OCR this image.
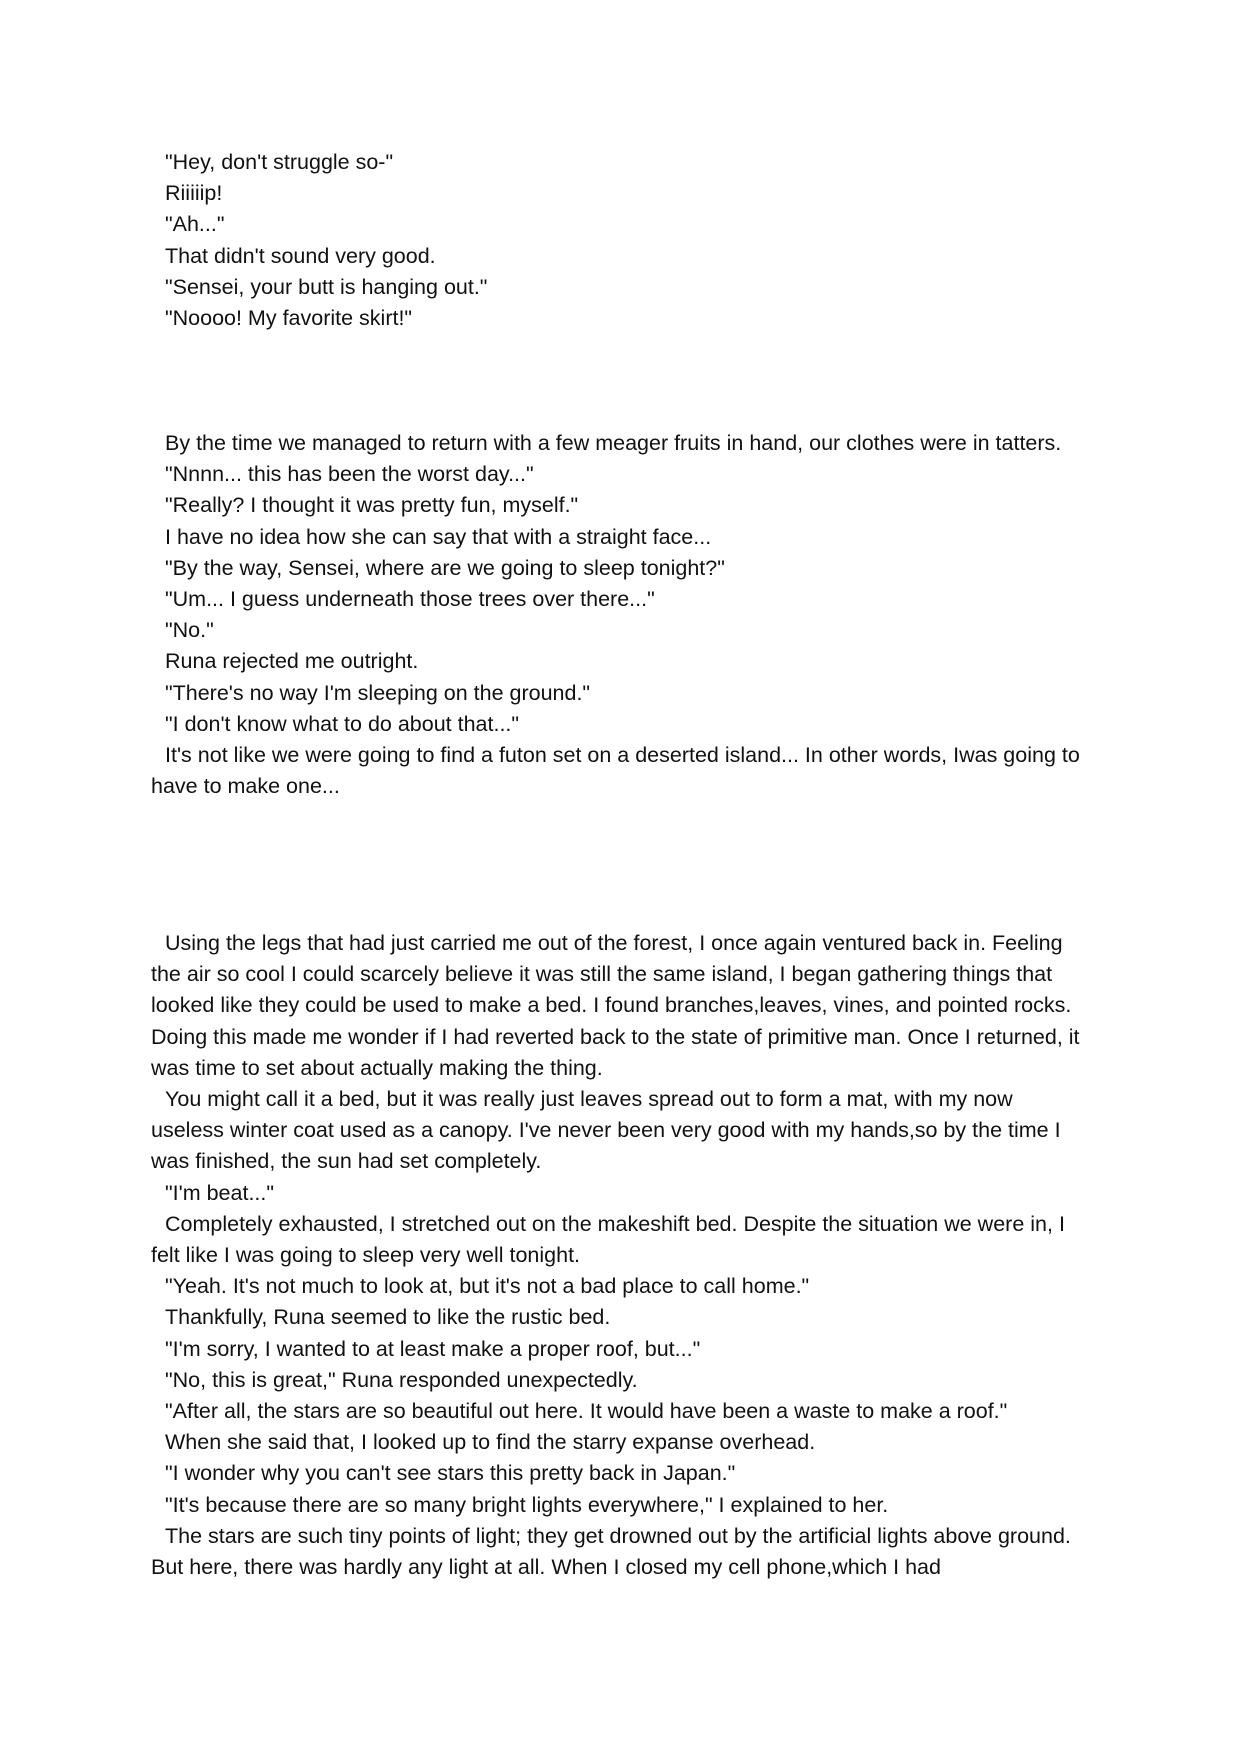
"Hey, don't struggle so-"

Riiiiip!

"Ah..."

That didn't sound very good.

"Sensei, your butt is hanging out."

"Noooo! My favorite skirt!"

By the time we managed to return with a few meager fruits in hand, our clothes were in tatters.

"Nnnn... this has been the worst day..."

"Really? I thought it was pretty fun, myself."

I have no idea how she can say that with a straight face...

"By the way, Sensei, where are we going to sleep tonight?"

"Um... I guess underneath those trees over there..."

"No."

Runa rejected me outright.

"There's no way I'm sleeping on the ground."

"I don't know what to do about that..."

It's not like we were going to find a futon set on a deserted island... In other words, Iwas going to have to make one...

Using the legs that had just carried me out of the forest, I once again ventured back in. Feeling the air so cool I could scarcely believe it was still the same island, I began gathering things that looked like they could be used to make a bed. I found branches,leaves, vines, and pointed rocks. Doing this made me wonder if I had reverted back to the state of primitive man. Once I returned, it was time to set about actually making the thing.

You might call it a bed, but it was really just leaves spread out to form a mat, with my now useless winter coat used as a canopy. I've never been very good with my hands,so by the time I was finished, the sun had set completely.

"I'm beat..."

Completely exhausted, I stretched out on the makeshift bed. Despite the situation we were in, I felt like I was going to sleep very well tonight.

"Yeah. It's not much to look at, but it's not a bad place to call home."

Thankfully, Runa seemed to like the rustic bed.

"I'm sorry, I wanted to at least make a proper roof, but..."

"No, this is great," Runa responded unexpectedly.

"After all, the stars are so beautiful out here. It would have been a waste to make a roof."

When she said that, I looked up to find the starry expanse overhead.

"I wonder why you can't see stars this pretty back in Japan."

"It's because there are so many bright lights everywhere," I explained to her.

The stars are such tiny points of light; they get drowned out by the artificial lights above ground. But here, there was hardly any light at all. When I closed my cell phone,which I had
